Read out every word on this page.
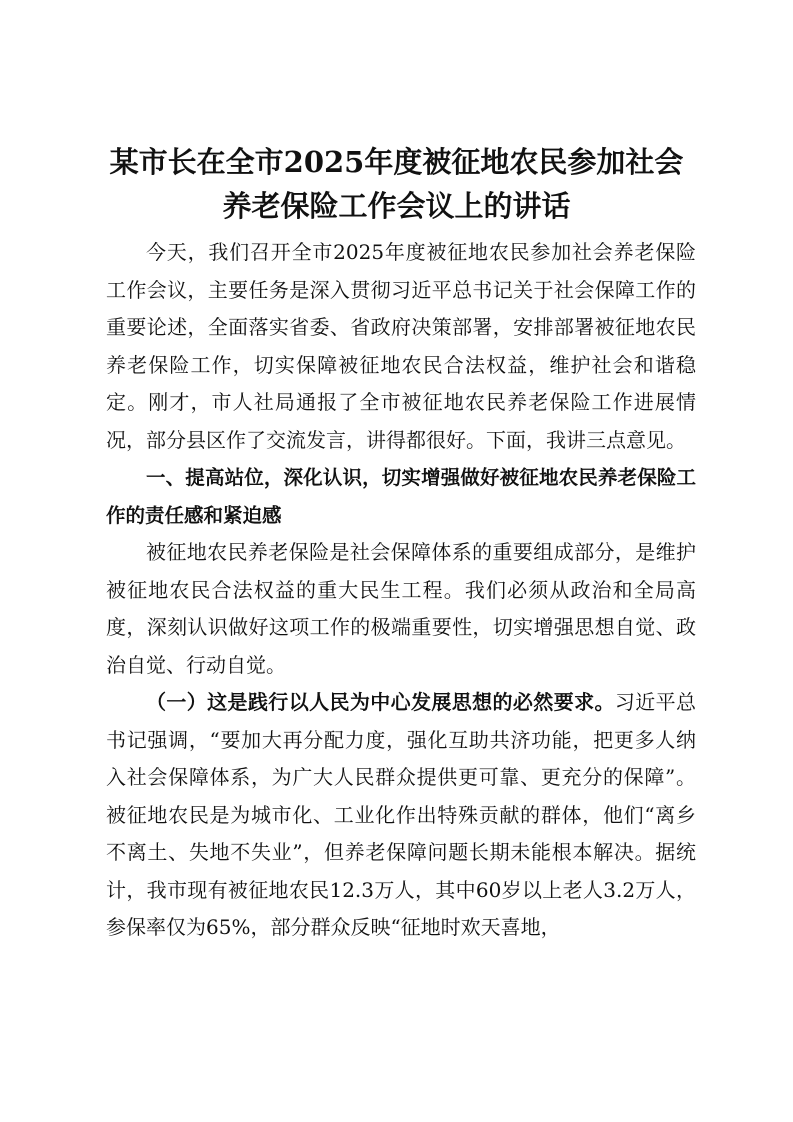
某市长在全市2025年度被征地农民参加社会
养老保险工作会议上的讲话

今天，我们召开全市2025年度被征地农民参加社会养老保险工作会议，主要任务是深入贯彻习近平总书记关于社会保障工作的重要论述，全面落实省委、省政府决策部署，安排部署被征地农民养老保险工作，切实保障被征地农民合法权益，维护社会和谐稳定。刚才，市人社局通报了全市被征地农民养老保险工作进展情况，部分县区作了交流发言，讲得都很好。下面，我讲三点意见。

一、提高站位，深化认识，切实增强做好被征地农民养老保险工作的责任感和紧迫感

被征地农民养老保险是社会保障体系的重要组成部分，是维护被征地农民合法权益的重大民生工程。我们必须从政治和全局高度，深刻认识做好这项工作的极端重要性，切实增强思想自觉、政治自觉、行动自觉。

（一）这是践行以人民为中心发展思想的必然要求。习近平总书记强调，“要加大再分配力度，强化互助共济功能，把更多人纳入社会保障体系，为广大人民群众提供更可靠、更充分的保障”。被征地农民是为城市化、工业化作出特殊贡献的群体，他们“离乡不离土、失地不失业”，但养老保障问题长期未能根本解决。据统计，我市现有被征地农民12.3万人，其中60岁以上老人3.2万人，参保率仅为65%，部分群众反映“征地时欢天喜地，
